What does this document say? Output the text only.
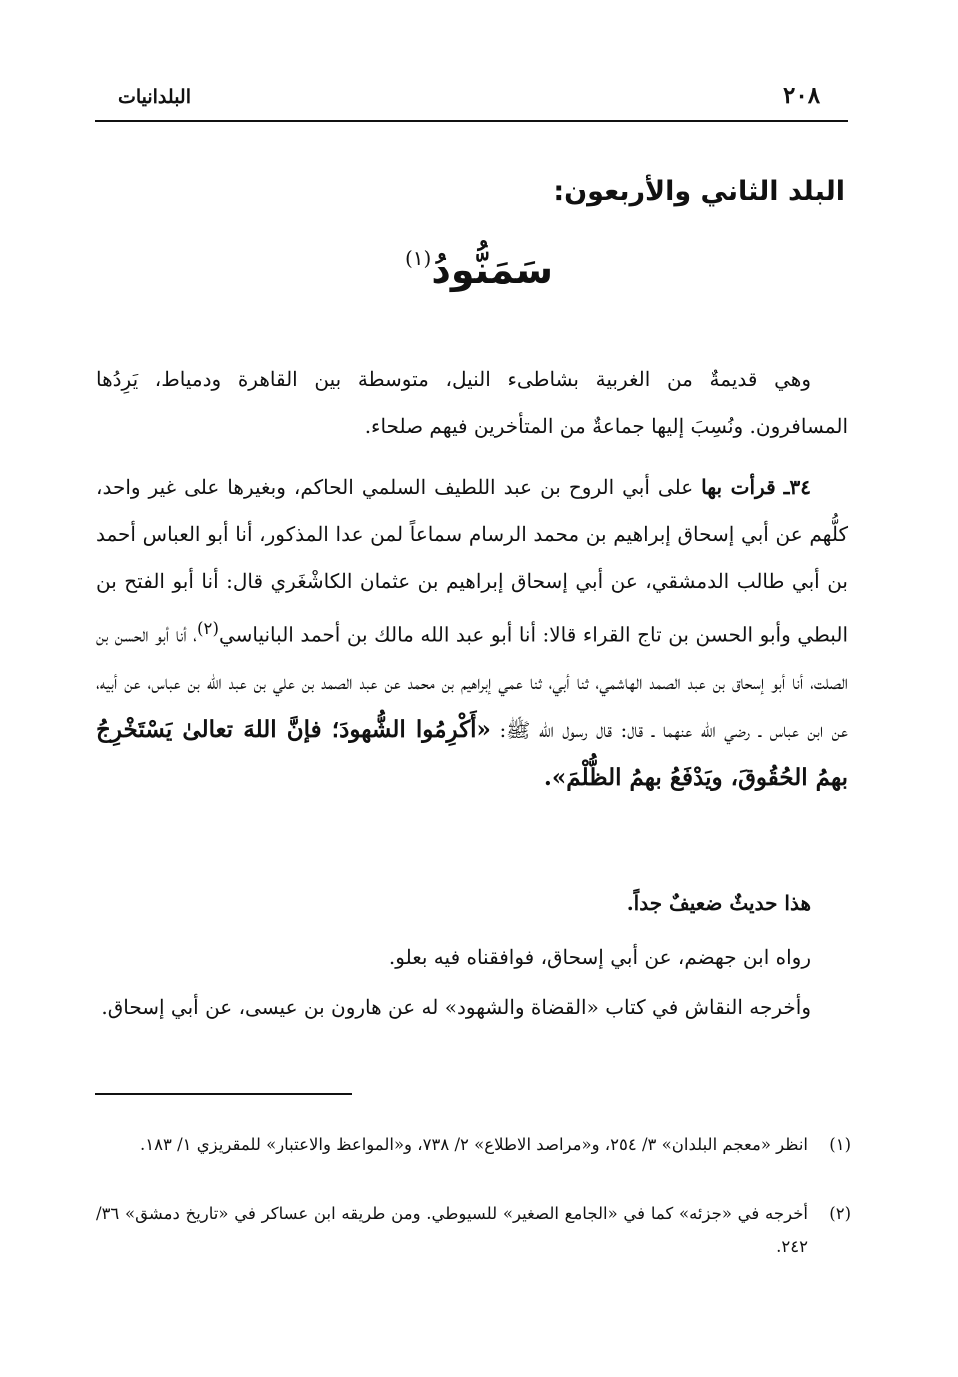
البلدانيات	٢٠٨
البلد الثاني والأربعون:
سَمَنُّودُ$^{(١)}$
وهي قديمةٌ من الغربية بشاطىء النيل، متوسطة بين القاهرة ودمياط، يَرِدُها المسافرون. ونُسِبَ إليها جماعةٌ من المتأخرين فيهم صلحاء.
٣٤ـ قرأت بها على أبي الروح بن عبد اللطيف السلمي الحاكم، وبغيرها على غير واحد، كلُّهم عن أبي إسحاق إبراهيم بن محمد الرسام سماعاً لمن عدا المذكور، أنا أبو العباس أحمد بن أبي طالب الدمشقي، عن أبي إسحاق إبراهيم بن عثمان الكاشْغَري قال: أنا أبو الفتح بن البطي وأبو الحسن بن تاج القراء قالا: أنا أبو عبد الله مالك بن أحمد البانياسي$^{(٢)}$، أنا أبو الحسن بن الصلت، أنا أبو إسحاق بن عبد الصمد الهاشمي، ثنا أبي، ثنا عمي إبراهيم بن محمد عن عبد الصمد بن علي بن عبد الله بن عباس، عن أبيه، عن ابن عباس ـ رضي الله عنهما ـ قال: قال رسول الله ﷺ: «أَكْرِمُوا الشُّهودَ؛ فإنَّ اللهَ تعالىٰ يَسْتَخْرِجُ بهمُ الحُقُوقَ، ويَدْفَعُ بهمُ الظُّلْمَ».
هذا حديثٌ ضعيفٌ جداً.
رواه ابن جهضم، عن أبي إسحاق، فوافقناه فيه بعلو.
وأخرجه النقاش في كتاب «القضاة والشهود» له عن هارون بن عيسى، عن أبي إسحاق.
(١)
انظر «معجم البلدان» ٣/ ٢٥٤، و«مراصد الاطلاع» ٢/ ٧٣٨، و«المواعظ والاعتبار» للمقريزي ١/ ١٨٣.
(٢)
أخرجه في «جزئه» كما في «الجامع الصغير» للسيوطي. ومن طريقه ابن عساكر في «تاريخ دمشق» ٣٦/ ٢٤٢.
